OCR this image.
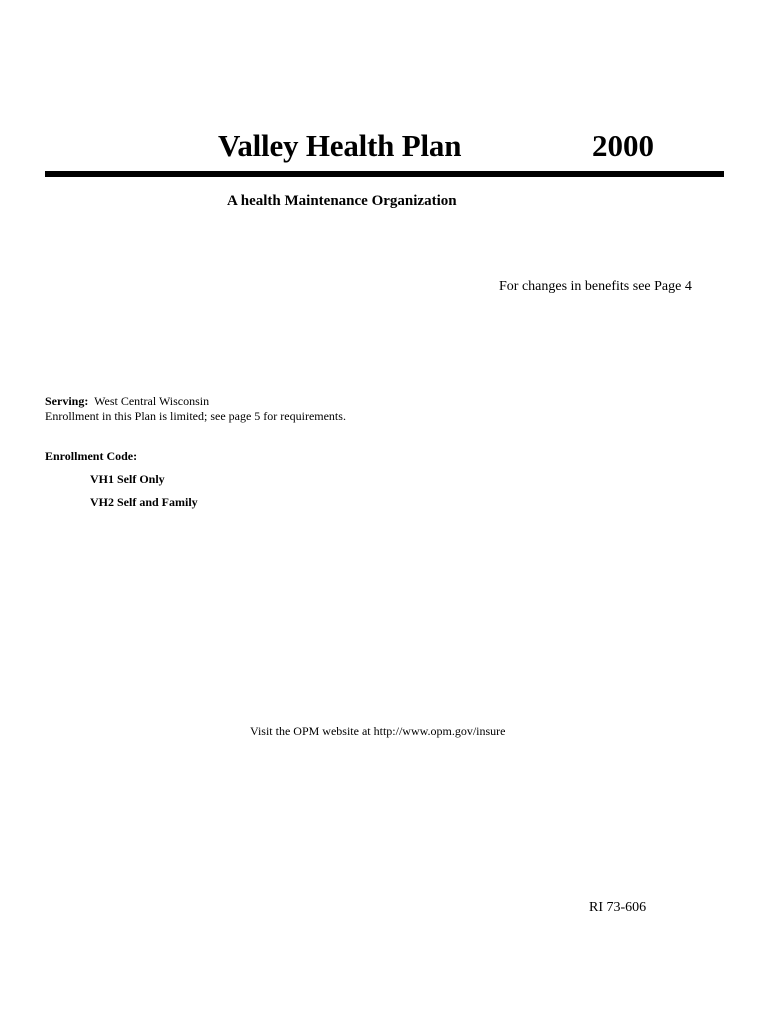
Valley Health Plan	2000
A health Maintenance Organization
For changes in benefits see Page 4
Serving: West Central Wisconsin
Enrollment in this Plan is limited; see page 5 for requirements.
Enrollment Code:
VH1 Self Only
VH2 Self and Family
Visit the OPM website at http://www.opm.gov/insure
RI 73-606
